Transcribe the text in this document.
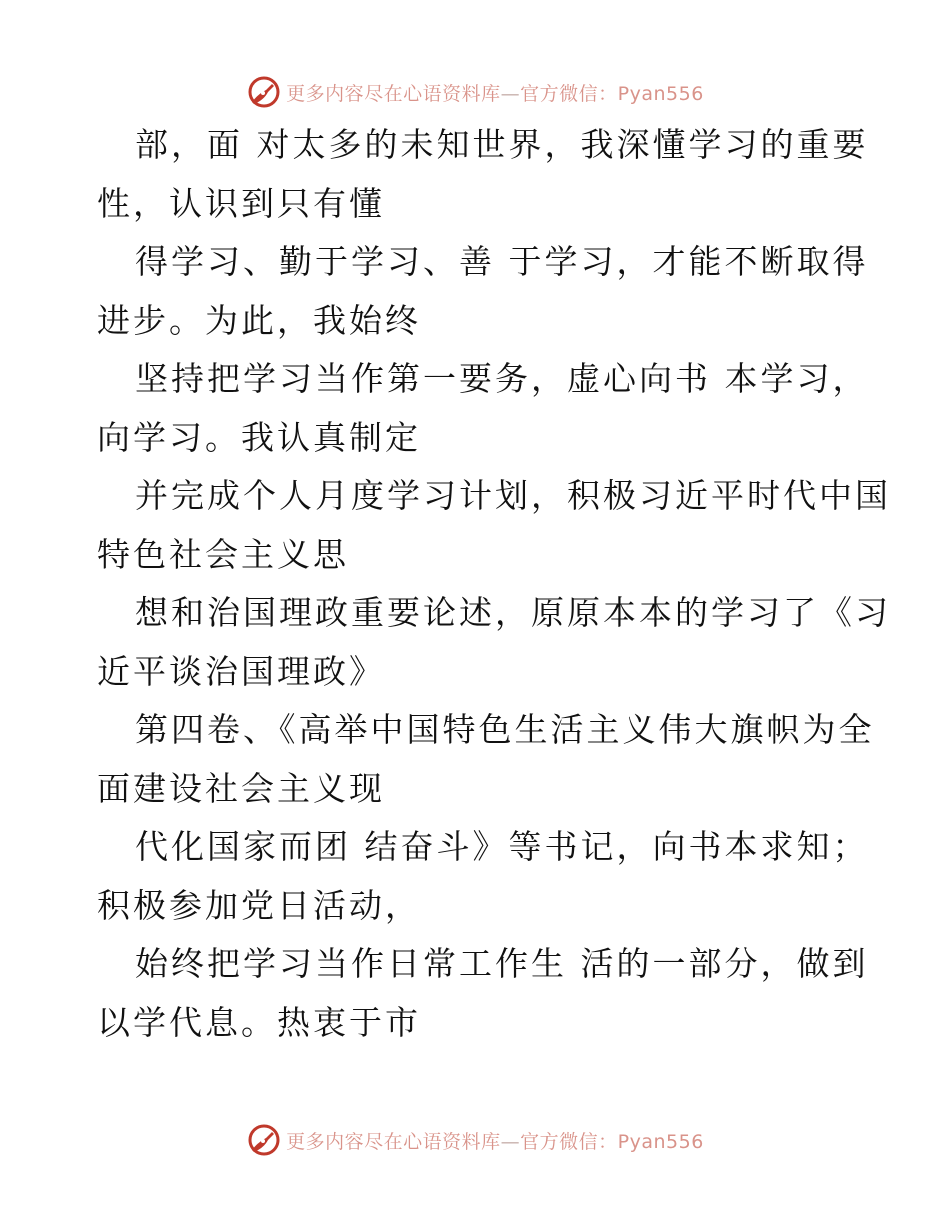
更多内容尽在心语资料库—官方微信：Pyan556
部，面 对太多的未知世界，我深懂学习的重要
性，认识到只有懂
得学习、勤于学习、善 于学习，才能不断取得
进步。为此，我始终
坚持把学习当作第一要务，虚心向书 本学习，
向学习。我认真制定
并完成个人月度学习计划，积极习近平时代中国
特色社会主义思
想和治国理政重要论述，原原本本的学习了《习
近平谈治国理政》
第四卷、《高举中国特色生活主义伟大旗帜为全
面建设社会主义现
代化国家而团 结奋斗》等书记，向书本求知；
积极参加党日活动，
始终把学习当作日常工作生 活的一部分，做到
以学代息。热衷于市
更多内容尽在心语资料库—官方微信：Pyan556
